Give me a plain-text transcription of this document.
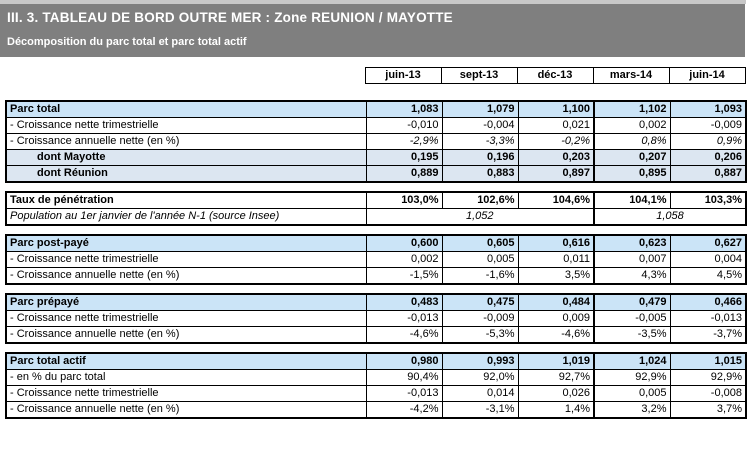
III. 3. TABLEAU DE BORD OUTRE MER : Zone REUNION / MAYOTTE
Décomposition du parc total et parc total actif
	juin-13	sept-13	déc-13	mars-14	juin-14
Parc total	1,083	1,079	1,100	1,102	1,093
- Croissance nette trimestrielle	-0,010	-0,004	0,021	0,002	-0,009
- Croissance annuelle nette (en %)	-2,9%	-3,3%	-0,2%	0,8%	0,9%
dont Mayotte	0,195	0,196	0,203	0,207	0,206
dont Réunion	0,889	0,883	0,897	0,895	0,887
Taux de pénétration	103,0%	102,6%	104,6%	104,1%	103,3%
Population au 1er janvier de l'année N-1 (source Insee)	1,052			1,058	
Parc post-payé	0,600	0,605	0,616	0,623	0,627
- Croissance nette trimestrielle	0,002	0,005	0,011	0,007	0,004
- Croissance annuelle nette (en %)	-1,5%	-1,6%	3,5%	4,3%	4,5%
Parc prépayé	0,483	0,475	0,484	0,479	0,466
- Croissance nette trimestrielle	-0,013	-0,009	0,009	-0,005	-0,013
- Croissance annuelle nette (en %)	-4,6%	-5,3%	-4,6%	-3,5%	-3,7%
Parc total actif	0,980	0,993	1,019	1,024	1,015
- en % du parc total	90,4%	92,0%	92,7%	92,9%	92,9%
- Croissance nette trimestrielle	-0,013	0,014	0,026	0,005	-0,008
- Croissance annuelle nette (en %)	-4,2%	-3,1%	1,4%	3,2%	3,7%
